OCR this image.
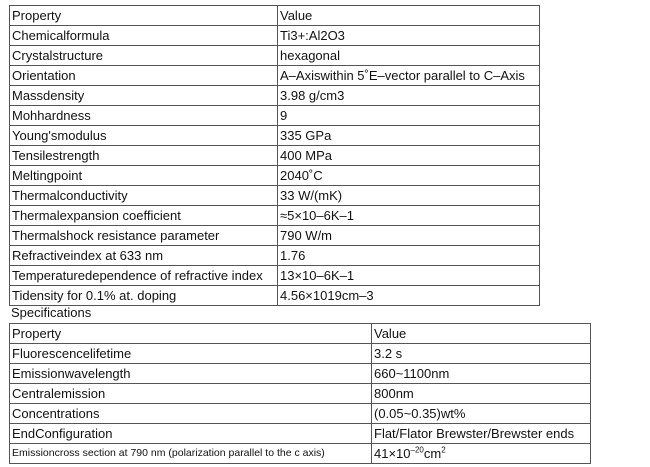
Property	Value
Chemicalformula	Ti3+:Al2O3
Crystalstructure	hexagonal
Orientation	A–Axiswithin 5˚E–vector parallel to C–Axis
Massdensity	3.98 g/cm3
Mohhardness	9
Young'smodulus	335 GPa
Tensilestrength	400 MPa
Meltingpoint	2040˚C
Thermalconductivity	33 W/(mK)
Thermalexpansion coefficient	≈5×10–6K–1
Thermalshock resistance parameter	790 W/m
Refractiveindex at 633 nm	1.76
Temperaturedependence of refractive index	13×10–6K–1
Tidensity for 0.1% at. doping	4.56×1019cm–3
Specifications
Property	Value
Fluorescencelifetime	3.2 s
Emissionwavelength	660~1100nm
Centralemission	800nm
Concentrations	(0.05~0.35)wt%
EndConfiguration	Flat/Flator Brewster/Brewster ends
Emissioncross section at 790 nm (polarization parallel to the c axis)	$41\times 10^{-20}cm^2$
